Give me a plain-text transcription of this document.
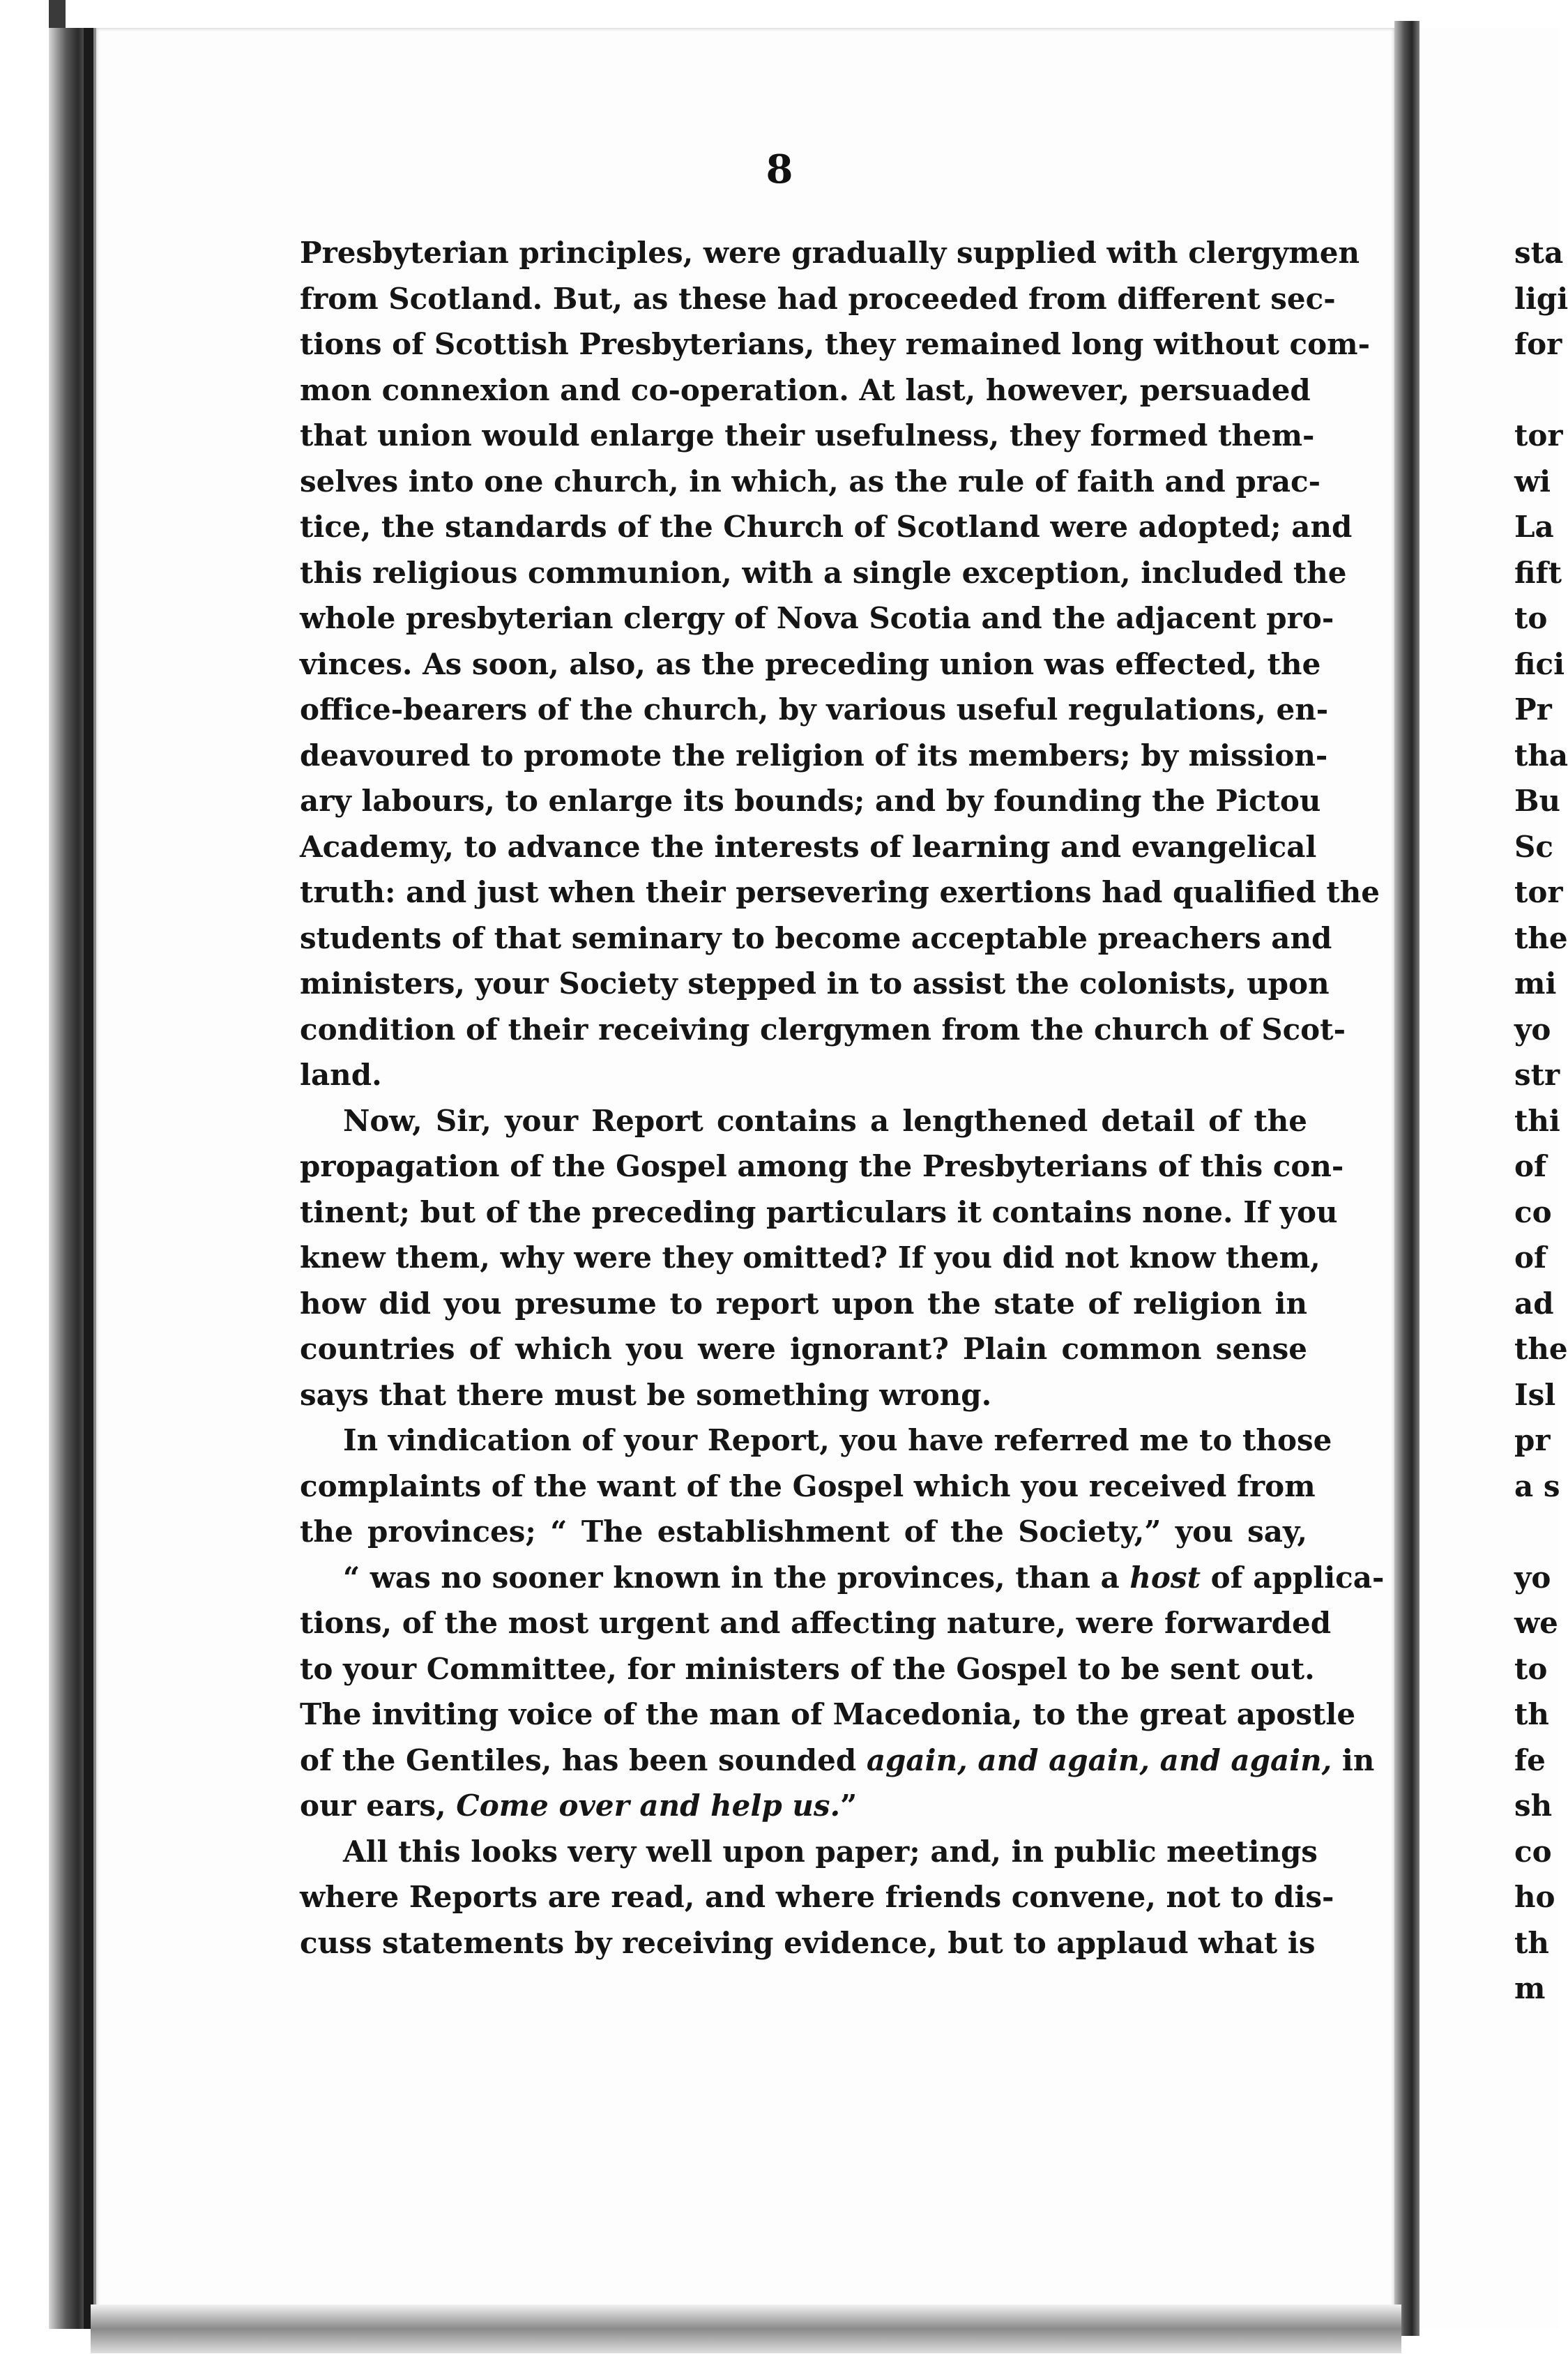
8
Presbyterian principles, were gradually supplied with clergymen
from Scotland. But, as these had proceeded from different sec-
tions of Scottish Presbyterians, they remained long without com-
mon connexion and co-operation. At last, however, persuaded
that union would enlarge their usefulness, they formed them-
selves into one church, in which, as the rule of faith and prac-
tice, the standards of the Church of Scotland were adopted; and
this religious communion, with a single exception, included the
whole presbyterian clergy of Nova Scotia and the adjacent pro-
vinces. As soon, also, as the preceding union was effected, the
office-bearers of the church, by various useful regulations, en-
deavoured to promote the religion of its members; by mission-
ary labours, to enlarge its bounds; and by founding the Pictou
Academy, to advance the interests of learning and evangelical
truth: and just when their persevering exertions had qualified the
students of that seminary to become acceptable preachers and
ministers, your Society stepped in to assist the colonists, upon
condition of their receiving clergymen from the church of Scot-
land.
Now, Sir, your Report contains a lengthened detail of the
propagation of the Gospel among the Presbyterians of this con-
tinent; but of the preceding particulars it contains none. If you
knew them, why were they omitted? If you did not know them,
how did you presume to report upon the state of religion in
countries of which you were ignorant? Plain common sense
says that there must be something wrong.
In vindication of your Report, you have referred me to those
complaints of the want of the Gospel which you received from
the provinces; “ The establishment of the Society,” you say,
“ was no sooner known in the provinces, than a host of applica-
tions, of the most urgent and affecting nature, were forwarded
to your Committee, for ministers of the Gospel to be sent out.
The inviting voice of the man of Macedonia, to the great apostle
of the Gentiles, has been sounded again, and again, and again,
our ears, Come over and help us.”
All this looks very well upon paper; and, in public meetings
where Reports are read, and where friends convene, not to dis-
cuss statements by receiving evidence, but to applaud what is
sta
ligi
for
tor
wi
La
fift
to
fici
Pr
tha
Bu
Sc
tor
the
mi
yo
str
thi
of
co
of
ad
the
Isl
pr
a s
yo
we
to
th
fe
sh
co
ho
th
m
